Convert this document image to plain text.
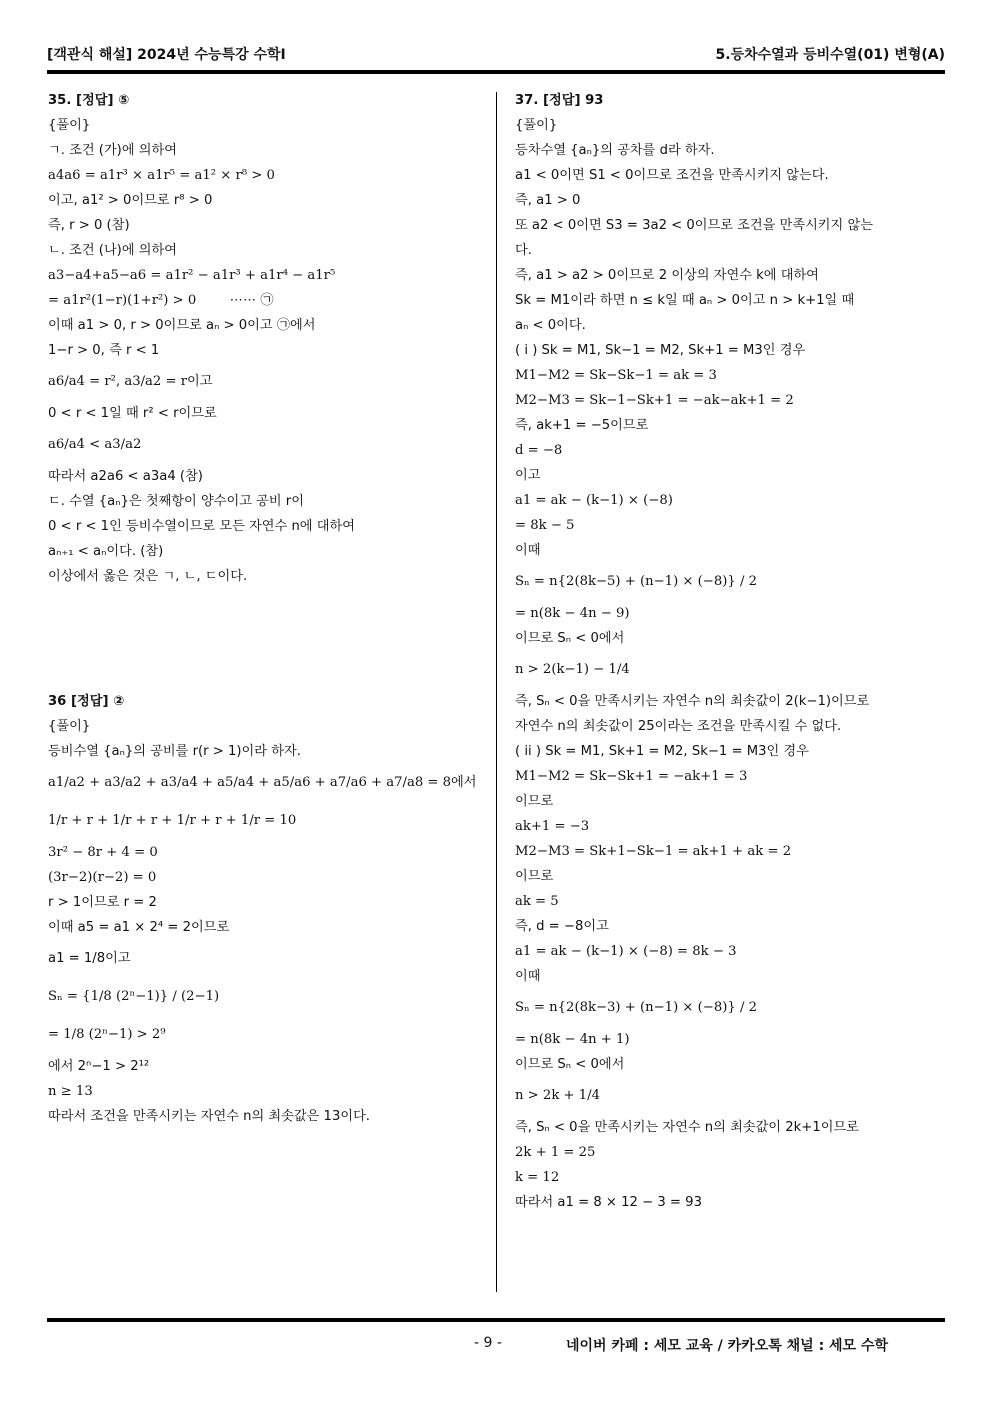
[객관식 해설] 2024년 수능특강 수학Ⅰ	5.등차수열과 등비수열(01) 변형(A)
35. [정답] ⑤
{풀이}
ㄱ. 조건 (가)에 의하여
a4a6 = a1r³ × a1r⁵ = a1² × r⁸ > 0
이고, a1² > 0이므로 r⁸ > 0
즉, r > 0 (참)
ㄴ. 조건 (나)에 의하여
a3−a4+a5−a6 = a1r² − a1r³ + a1r⁴ − a1r⁵
= a1r²(1−r)(1+r²) > 0        ⋯⋯ ㉠
이때 a1 > 0, r > 0이므로 aₙ > 0이고 ㉠에서
1−r > 0, 즉 r < 1
a6/a4 = r², a3/a2 = r이고
0 < r < 1일 때 r² < r이므로
a6/a4 < a3/a2
따라서 a2a6 < a3a4 (참)
ㄷ. 수열 {aₙ}은 첫째항이 양수이고 공비 r이
0 < r < 1인 등비수열이므로 모든 자연수 n에 대하여
aₙ₊₁ < aₙ이다. (참)
이상에서 옳은 것은 ㄱ, ㄴ, ㄷ이다.
36 [정답] ②
{풀이}
등비수열 {aₙ}의 공비를 r(r > 1)이라 하자.
a1/a2 + a3/a2 + a3/a4 + a5/a4 + a5/a6 + a7/a6 + a7/a8 = 8에서
1/r + r + 1/r + r + 1/r + r + 1/r = 10
3r² − 8r + 4 = 0
(3r−2)(r−2) = 0
r > 1이므로 r = 2
이때 a5 = a1 × 2⁴ = 2이므로
a1 = 1/8이고
Sₙ = {1/8 (2ⁿ−1)} / (2−1)
= 1/8 (2ⁿ−1) > 2⁹
에서 2ⁿ−1 > 2¹²
n ≥ 13
따라서 조건을 만족시키는 자연수 n의 최솟값은 13이다.
37. [정답] 93
{풀이}
등차수열 {aₙ}의 공차를 d라 하자.
a1 < 0이면 S1 < 0이므로 조건을 만족시키지 않는다.
즉, a1 > 0
또 a2 < 0이면 S3 = 3a2 < 0이므로 조건을 만족시키지 않는
다.
즉, a1 > a2 > 0이므로 2 이상의 자연수 k에 대하여
Sk = M1이라 하면 n ≤ k일 때 aₙ > 0이고 n > k+1일 때
aₙ < 0이다.
( i ) Sk = M1, Sk−1 = M2, Sk+1 = M3인 경우
M1−M2 = Sk−Sk−1 = ak = 3
M2−M3 = Sk−1−Sk+1 = −ak−ak+1 = 2
즉, ak+1 = −5이므로
d = −8
이고
a1 = ak − (k−1) × (−8)
= 8k − 5
이때
Sₙ = n{2(8k−5) + (n−1) × (−8)} / 2
= n(8k − 4n − 9)
이므로 Sₙ < 0에서
n > 2(k−1) − 1/4
즉, Sₙ < 0을 만족시키는 자연수 n의 최솟값이 2(k−1)이므로
자연수 n의 최솟값이 25이라는 조건을 만족시킬 수 없다.
( ii ) Sk = M1, Sk+1 = M2, Sk−1 = M3인 경우
M1−M2 = Sk−Sk+1 = −ak+1 = 3
이므로
ak+1 = −3
M2−M3 = Sk+1−Sk−1 = ak+1 + ak = 2
이므로
ak = 5
즉, d = −8이고
a1 = ak − (k−1) × (−8) = 8k − 3
이때
Sₙ = n{2(8k−3) + (n−1) × (−8)} / 2
= n(8k − 4n + 1)
이므로 Sₙ < 0에서
n > 2k + 1/4
즉, Sₙ < 0을 만족시키는 자연수 n의 최솟값이 2k+1이므로
2k + 1 = 25
k = 12
따라서 a1 = 8 × 12 − 3 = 93
- 9 -	네이버 카페 : 세모 교육 / 카카오톡 채널 : 세모 수학
